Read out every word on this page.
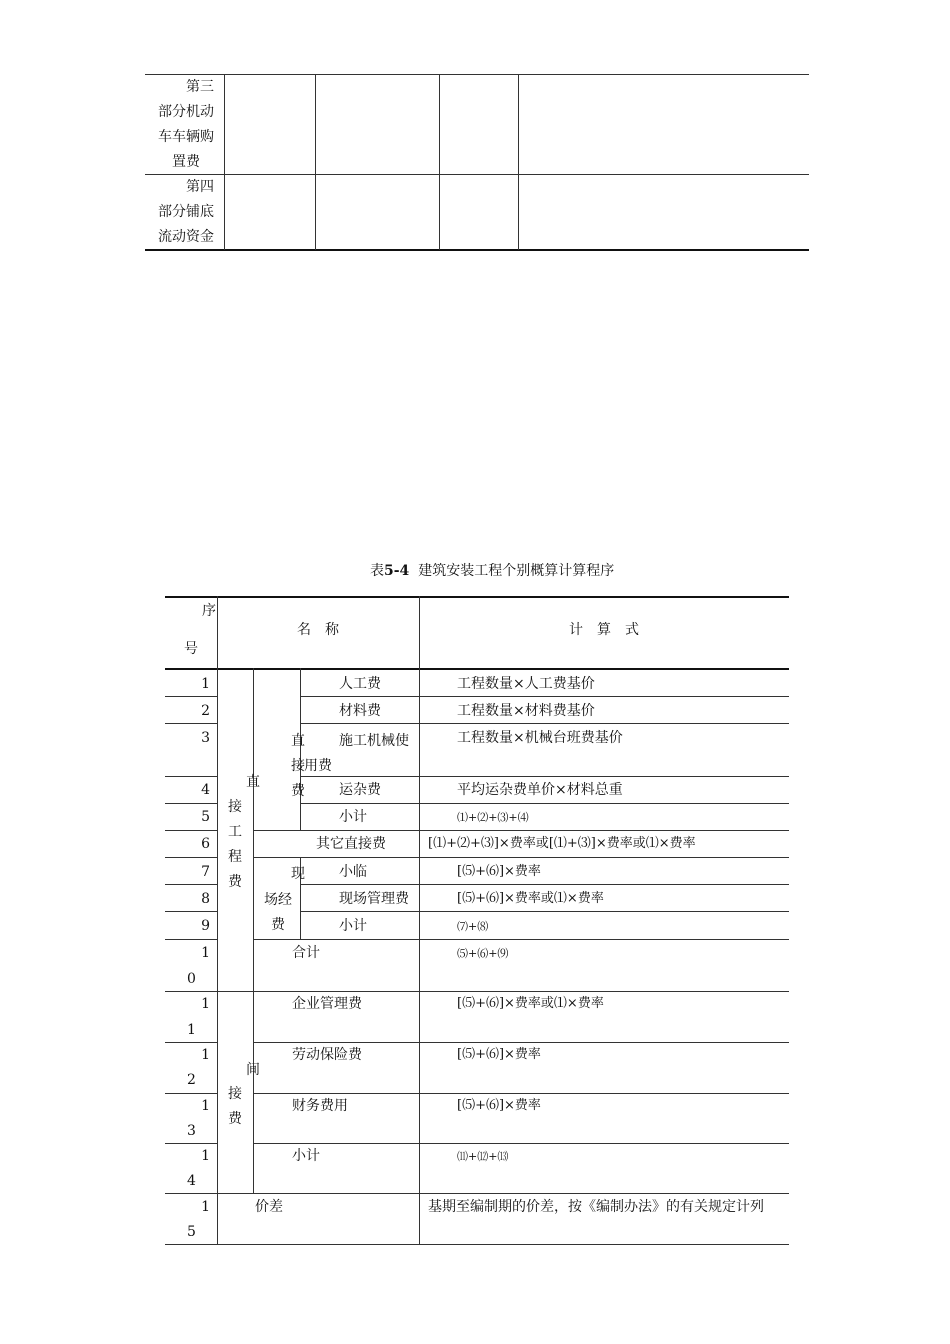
第三
部分机动
车车辆购
置费
第四
部分铺底
流动资金
表5-4 建筑安装工程个别概算计算程序
序
号
名　称	计　算　式
1
2
3
4
5
6
7
8
9
1
0
1
1
1
2
1
3
1
4
1
5
直
接
工
程
费
直
接
费
现
场经
费
间
接
费
人工费
材料费
施工机械使用费
运杂费
小计
其它直接费
小临
现场管理费
小计
合计
企业管理费
劳动保险费
财务费用
小计
价差
工程数量×人工费基价
工程数量×材料费基价
工程数量×机械台班费基价
平均运杂费单价×材料总重
⑴+⑵+⑶+⑷
[⑴+⑵+⑶]×费率或[⑴+⑶]×费率或⑴×费率
[⑸+⑹]×费率
[⑸+⑹]×费率或⑴×费率
⑺+⑻
⑸+⑹+⑼
[⑸+⑹]×费率或⑴×费率
[⑸+⑹]×费率
[⑸+⑹]×费率
⑾+⑿+⒀
基期至编制期的价差，按《编制办法》的有关规定计列
